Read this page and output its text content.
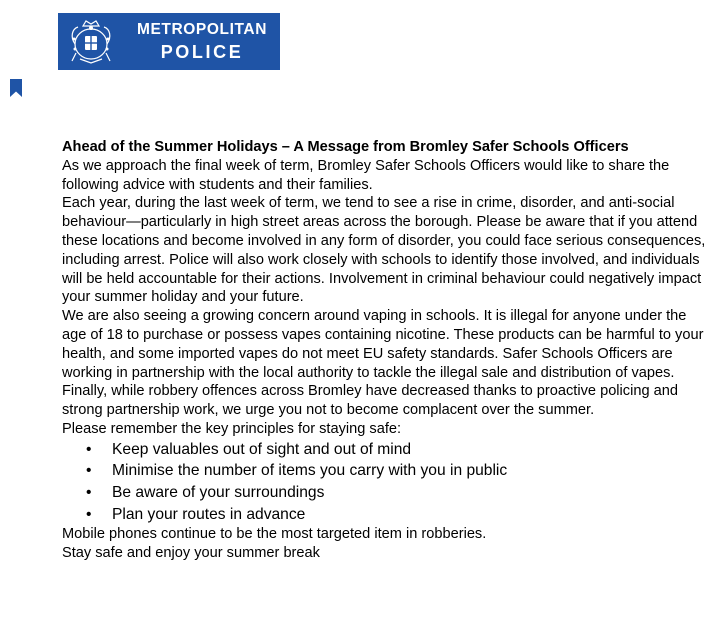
METROPOLITAN
POLICE

Ahead of the Summer Holidays – A Message from Bromley Safer Schools Officers

As we approach the final week of term, Bromley Safer Schools Officers would like to share the following advice with students and their families.

Each year, during the last week of term, we tend to see a rise in crime, disorder, and anti-social behaviour—particularly in high street areas across the borough. Please be aware that if you attend these locations and become involved in any form of disorder, you could face serious consequences, including arrest. Police will also work closely with schools to identify those involved, and individuals will be held accountable for their actions. Involvement in criminal behaviour could negatively impact your summer holiday and your future.

We are also seeing a growing concern around vaping in schools. It is illegal for anyone under the age of 18 to purchase or possess vapes containing nicotine. These products can be harmful to your health, and some imported vapes do not meet EU safety standards. Safer Schools Officers are working in partnership with the local authority to tackle the illegal sale and distribution of vapes.

Finally, while robbery offences across Bromley have decreased thanks to proactive policing and strong partnership work, we urge you not to become complacent over the summer.

Please remember the key principles for staying safe:

• Keep valuables out of sight and out of mind
• Minimise the number of items you carry with you in public
• Be aware of your surroundings
• Plan your routes in advance

Mobile phones continue to be the most targeted item in robberies.

Stay safe and enjoy your summer break
